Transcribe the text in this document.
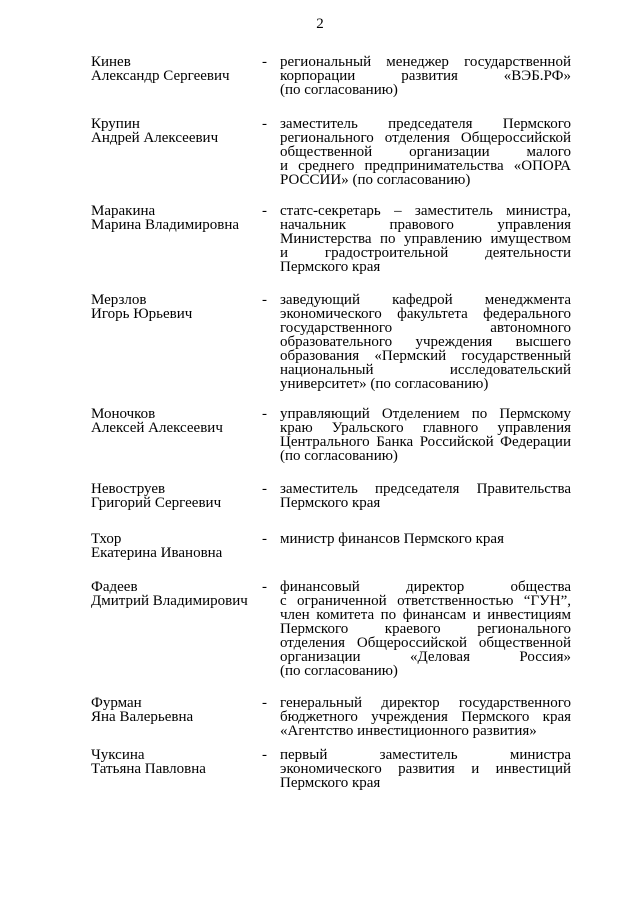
2
Кинев
Александр Сергеевич
- региональный менеджер государственной
корпорации развития «ВЭБ.РФ»
(по согласованию)
Крупин
Андрей Алексеевич
- заместитель председателя Пермского
регионального отделения Общероссийской
общественной организации малого
и среднего предпринимательства «ОПОРА
РОССИИ» (по согласованию)
Маракина
Марина Владимировна
- статс-секретарь – заместитель министра,
начальник правового управления
Министерства по управлению имуществом
и градостроительной деятельности
Пермского края
Мерзлов
Игорь Юрьевич
- заведующий кафедрой менеджмента
экономического факультета федерального
государственного автономного
образовательного учреждения высшего
образования «Пермский государственный
национальный исследовательский
университет» (по согласованию)
Моночков
Алексей Алексеевич
- управляющий Отделением по Пермскому
краю Уральского главного управления
Центрального Банка Российской Федерации
(по согласованию)
Невоструев
Григорий Сергеевич
- заместитель председателя Правительства
Пермского края
Тхор
Екатерина Ивановна
- министр финансов Пермского края
Фадеев
Дмитрий Владимирович
- финансовый директор общества
с ограниченной ответственностью “ГУН”,
член комитета по финансам и инвестициям
Пермского краевого регионального
отделения Общероссийской общественной
организации «Деловая Россия»
(по согласованию)
Фурман
Яна Валерьевна
- генеральный директор государственного
бюджетного учреждения Пермского края
«Агентство инвестиционного развития»
Чуксина
Татьяна Павловна
- первый заместитель министра
экономического развития и инвестиций
Пермского края
